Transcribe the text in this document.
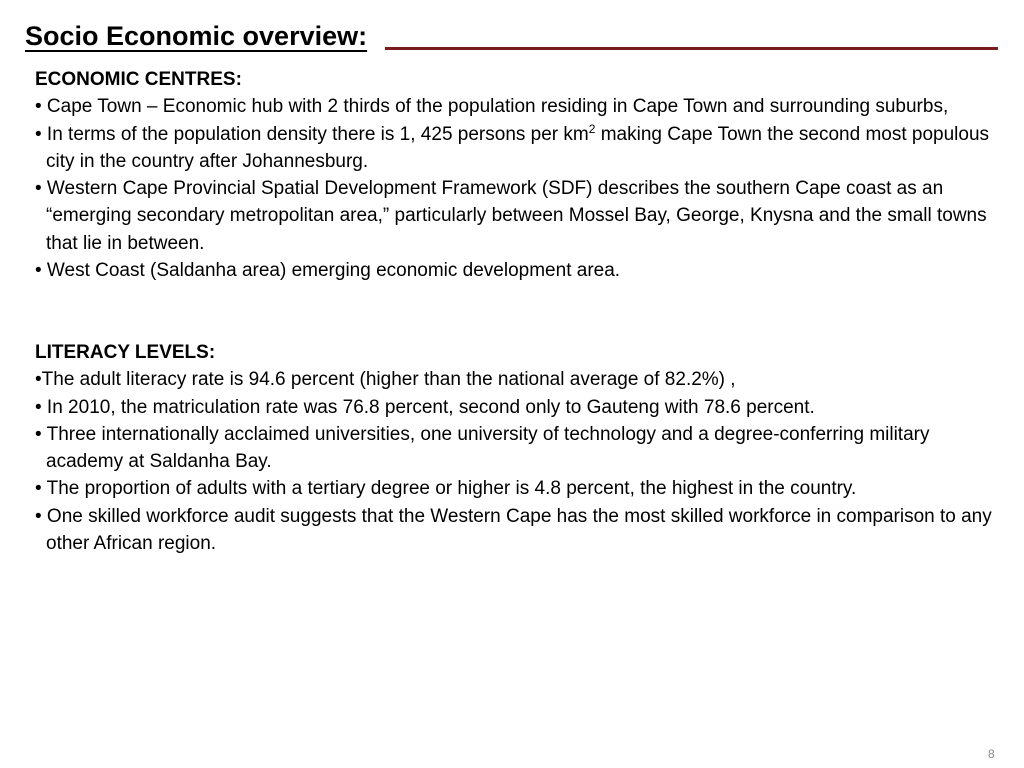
Socio Economic overview:
ECONOMIC CENTRES:
• Cape Town – Economic hub with 2 thirds of the population residing in Cape Town and surrounding suburbs,
• In terms of the population density there is 1, 425 persons per $km^2$ making Cape Town the second most populous city in the country after Johannesburg.
• Western Cape Provincial Spatial Development Framework (SDF) describes the southern Cape coast as an “emerging secondary metropolitan area,” particularly between Mossel Bay, George, Knysna and the small towns that lie in between.
• West Coast (Saldanha area) emerging economic development area.
LITERACY LEVELS:
•The adult literacy rate is 94.6 percent (higher than the national average of 82.2%) ,
• In 2010, the matriculation rate was 76.8 percent, second only to Gauteng with 78.6 percent.
• Three internationally acclaimed universities, one university of technology and a degree-conferring military academy at Saldanha Bay.
• The proportion of adults with a tertiary degree or higher is 4.8 percent, the highest in the country.
• One skilled workforce audit suggests that the Western Cape has the most skilled workforce in comparison to any other African region.
8
